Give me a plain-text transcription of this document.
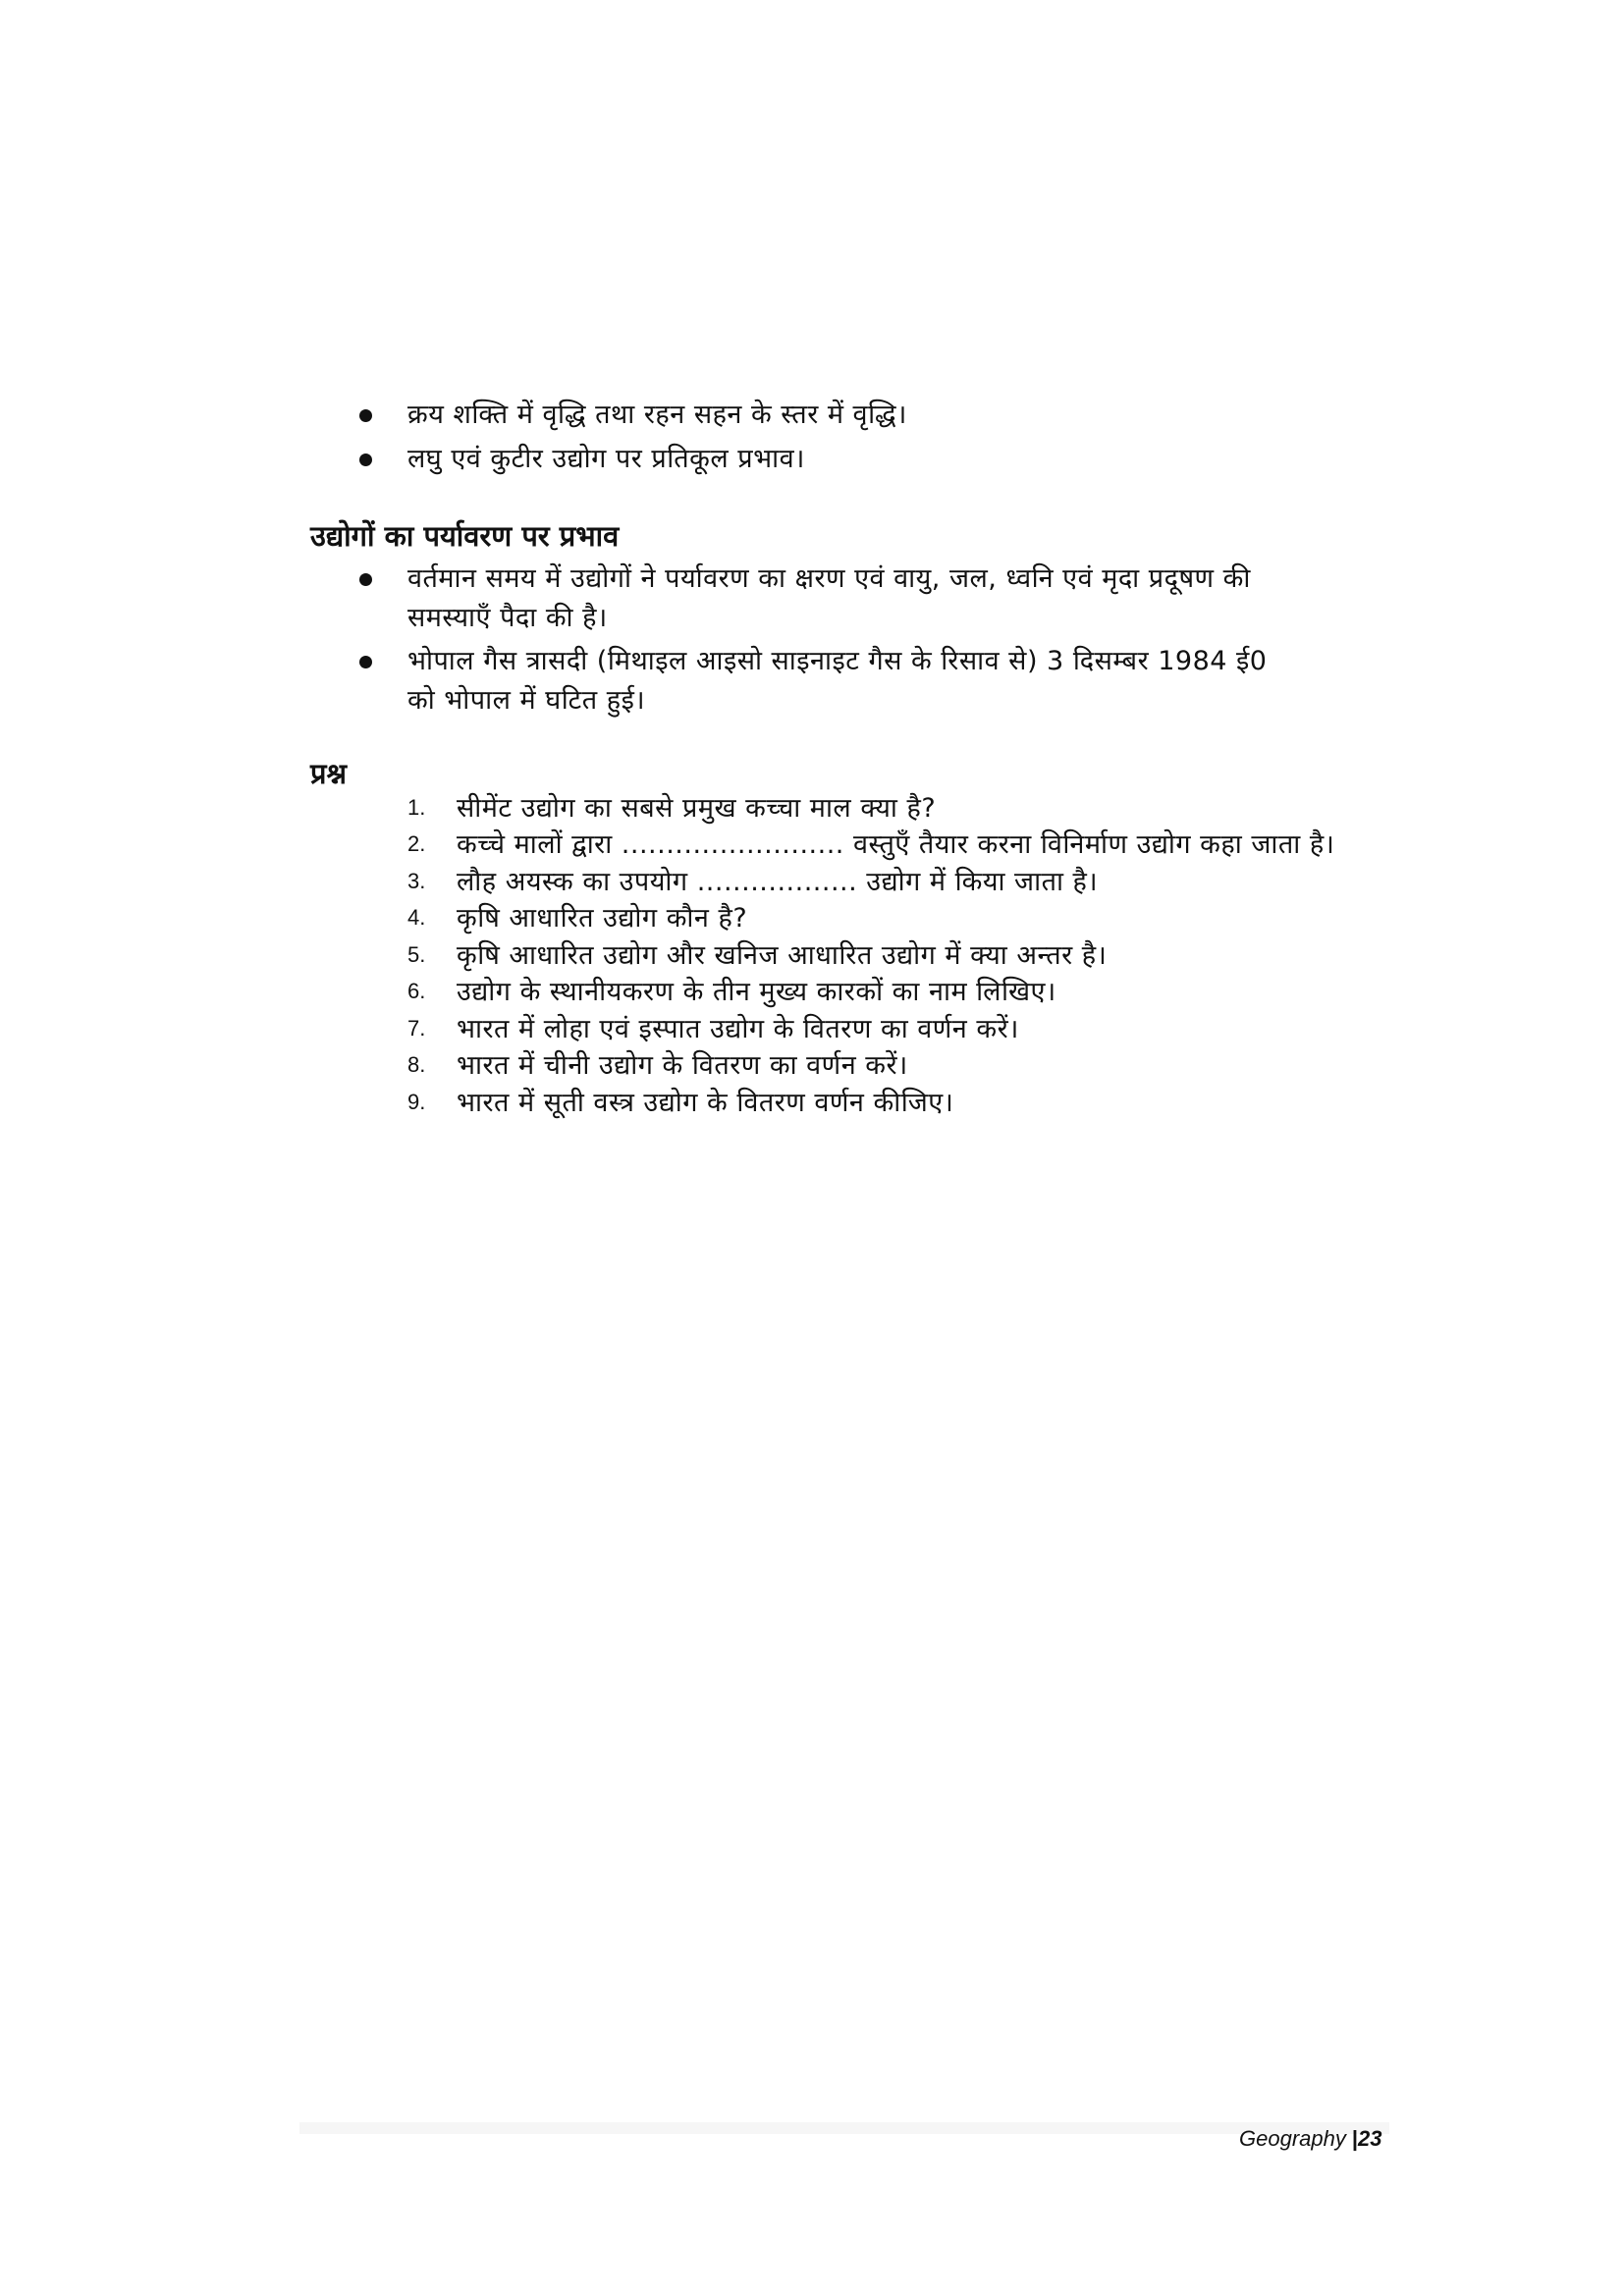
क्रय शक्ति में वृद्धि तथा रहन सहन के स्तर में वृद्धि।
लघु एवं कुटीर उद्योग पर प्रतिकूल प्रभाव।
उद्योगों का पर्यावरण पर प्रभाव
वर्तमान समय में उद्योगों ने पर्यावरण का क्षरण एवं वायु, जल, ध्वनि एवं मृदा प्रदूषण की
समस्याएँ पैदा की है।
भोपाल गैस त्रासदी (मिथाइल आइसो साइनाइट गैस के रिसाव से) 3 दिसम्बर 1984 ई0
को भोपाल में घटित हुई।
प्रश्न
1. सीमेंट उद्योग का सबसे प्रमुख कच्चा माल क्या है?
2. कच्चे मालों द्वारा ......................... वस्तुएँ तैयार करना विनिर्माण उद्योग कहा जाता है।
3. लौह अयस्क का उपयोग .................. उद्योग में किया जाता है।
4. कृषि आधारित उद्योग कौन है?
5. कृषि आधारित उद्योग और खनिज आधारित उद्योग में क्या अन्तर है।
6. उद्योग के स्थानीयकरण के तीन मुख्य कारकों का नाम लिखिए।
7. भारत में लोहा एवं इस्पात उद्योग के वितरण का वर्णन करें।
8. भारत में चीनी उद्योग के वितरण का वर्णन करें।
9. भारत में सूती वस्त्र उद्योग के वितरण वर्णन कीजिए।
Geography |23
